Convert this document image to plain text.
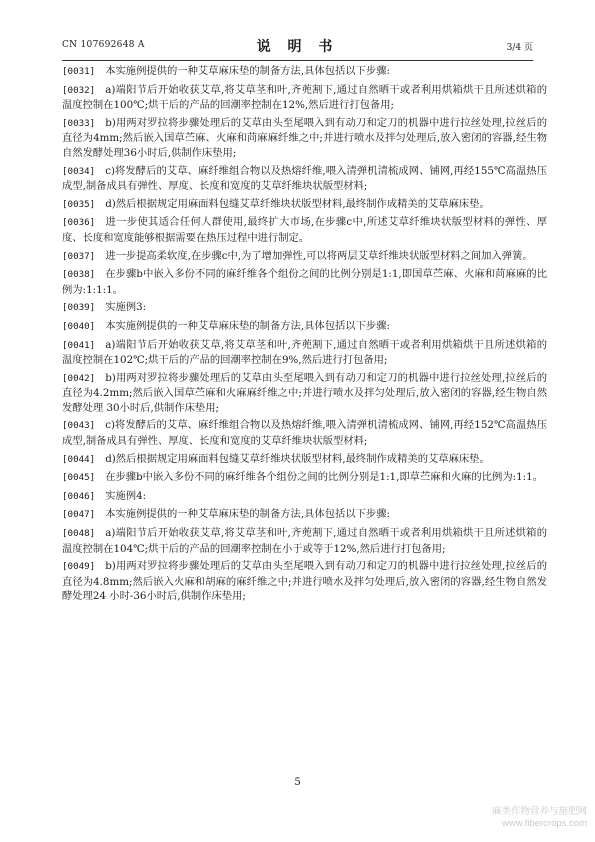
CN 107692648 A	说 明 书	3/4 页
[0031] 本实施例提供的一种艾草麻床垫的制备方法,具体包括以下步骤:
[0032] a)端阳节后开始收获艾草,将艾草茎和叶,齐蔸割下,通过自然晒干或者利用烘箱烘干且所述烘箱的温度控制在100℃;烘干后的产品的回潮率控制在12%,然后进行打包备用;
[0033] b)用两对罗拉将步骤处理后的艾草由头至尾喂入到有动刀和定刀的机器中进行拉丝处理,拉丝后的直径为4mm;然后嵌入国草苎麻、火麻和苘麻麻纤维之中;并进行喷水及拌匀处理后,放入密闭的容器,经生物自然发酵处理36小时后,供制作床垫用;
[0034] c)将发酵后的艾草、麻纤维组合物以及热熔纤维,喂入清弹机清梳成网、铺网,再经155℃高温热压成型,制备成具有弹性、厚度、长度和宽度的艾草纤维块状版型材料;
[0035] d)然后根据规定用麻面料包缝艾草纤维块状版型材料,最终制作成精美的艾草麻床垫。
[0036] 进一步使其适合任何人群使用,最终扩大市场,在步骤c中,所述艾草纤维块状版型材料的弹性、厚度、长度和宽度能够根据需要在热压过程中进行制定。
[0037] 进一步提高柔软度,在步骤c中,为了增加弹性,可以将两层艾草纤维块状版型材料之间加入弹簧。
[0038] 在步骤b中嵌入多份不同的麻纤维各个组份之间的比例分别是1:1,即国草苎麻、火麻和苘麻麻的比例为:1:1:1。
[0039] 实施例3:
[0040] 本实施例提供的一种艾草麻床垫的制备方法,具体包括以下步骤:
[0041] a)端阳节后开始收获艾草,将艾草茎和叶,齐蔸割下,通过自然晒干或者利用烘箱烘干且所述烘箱的温度控制在102℃;烘干后的产品的回潮率控制在9%,然后进行打包备用;
[0042] b)用两对罗拉将步骤处理后的艾草由头至尾喂入到有动刀和定刀的机器中进行拉丝处理,拉丝后的直径为4.2mm;然后嵌入国草苎麻和火麻麻纤维之中;并进行喷水及拌匀处理后,放入密闭的容器,经生物自然发酵处理 30小时后,供制作床垫用;
[0043] c)将发酵后的艾草、麻纤维组合物以及热熔纤维,喂入清弹机清梳成网、铺网,再经152℃高温热压成型,制备成具有弹性、厚度、长度和宽度的艾草纤维块状版型材料;
[0044] d)然后根据规定用麻面料包缝艾草纤维块状版型材料,最终制作成精美的艾草麻床垫。
[0045] 在步骤b中嵌入多份不同的麻纤维各个组份之间的比例分别是1:1,即草苎麻和火麻的比例为:1:1。
[0046] 实施例4:
[0047] 本实施例提供的一种艾草麻床垫的制备方法,具体包括以下步骤:
[0048] a)端阳节后开始收获艾草,将艾草茎和叶,齐蔸割下,通过自然晒干或者利用烘箱烘干且所述烘箱的温度控制在104℃;烘干后的产品的回潮率控制在小于或等于12%,然后进行打包备用;
[0049] b)用两对罗拉将步骤处理后的艾草由头至尾喂入到有动刀和定刀的机器中进行拉丝处理,拉丝后的直径为4.8mm;然后嵌入火麻和胡麻的麻纤维之中;并进行喷水及拌匀处理后,放入密闭的容器,经生物自然发酵处理24 小时-36小时后,供制作床垫用;
5
麻类作物营养与施肥网
www.fibercrops.com
